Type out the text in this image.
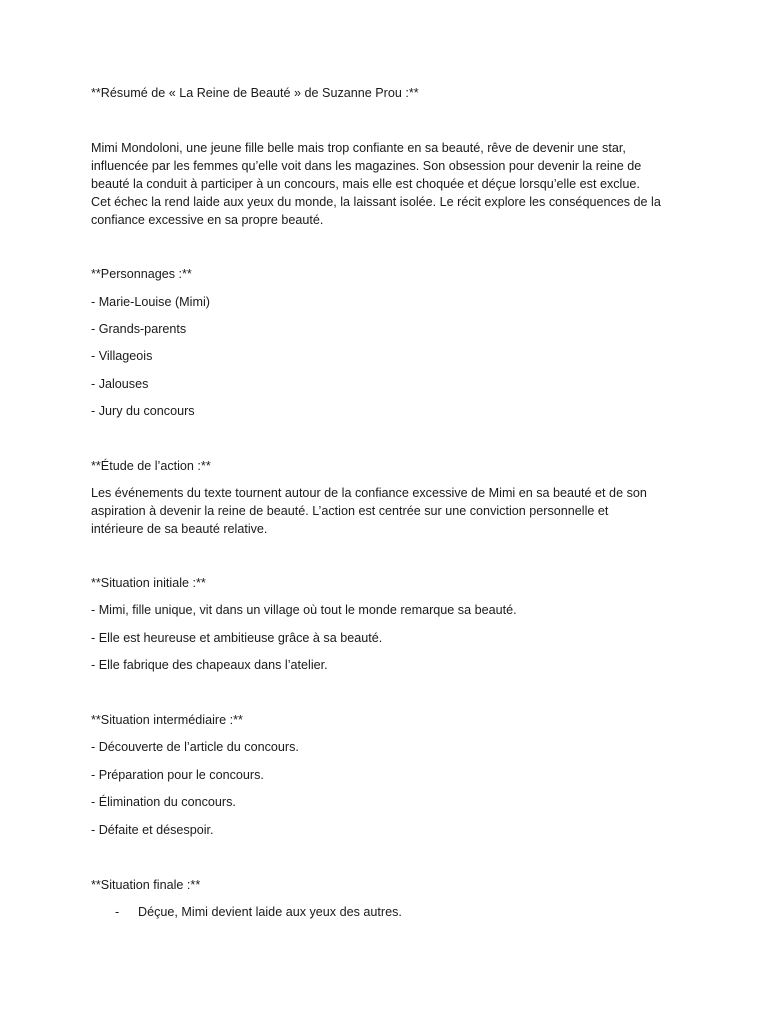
**Résumé de « La Reine de Beauté » de Suzanne Prou :**

Mimi Mondoloni, une jeune fille belle mais trop confiante en sa beauté, rêve de devenir une star,

influencée par les femmes qu’elle voit dans les magazines. Son obsession pour devenir la reine de

beauté la conduit à participer à un concours, mais elle est choquée et déçue lorsqu’elle est exclue.

Cet échec la rend laide aux yeux du monde, la laissant isolée. Le récit explore les conséquences de la

confiance excessive en sa propre beauté.

**Personnages :**
- Marie-Louise (Mimi)
- Grands-parents
- Villageois
- Jalouses
- Jury du concours
**Étude de l’action :**

Les événements du texte tournent autour de la confiance excessive de Mimi en sa beauté et de son

aspiration à devenir la reine de beauté. L’action est centrée sur une conviction personnelle et

intérieure de sa beauté relative.

**Situation initiale :**
- Mimi, fille unique, vit dans un village où tout le monde remarque sa beauté.
- Elle est heureuse et ambitieuse grâce à sa beauté.
- Elle fabrique des chapeaux dans l’atelier.
**Situation intermédiaire :**
- Découverte de l’article du concours.
- Préparation pour le concours.
- Élimination du concours.
- Défaite et désespoir.
**Situation finale :**
- Déçue, Mimi devient laide aux yeux des autres.
